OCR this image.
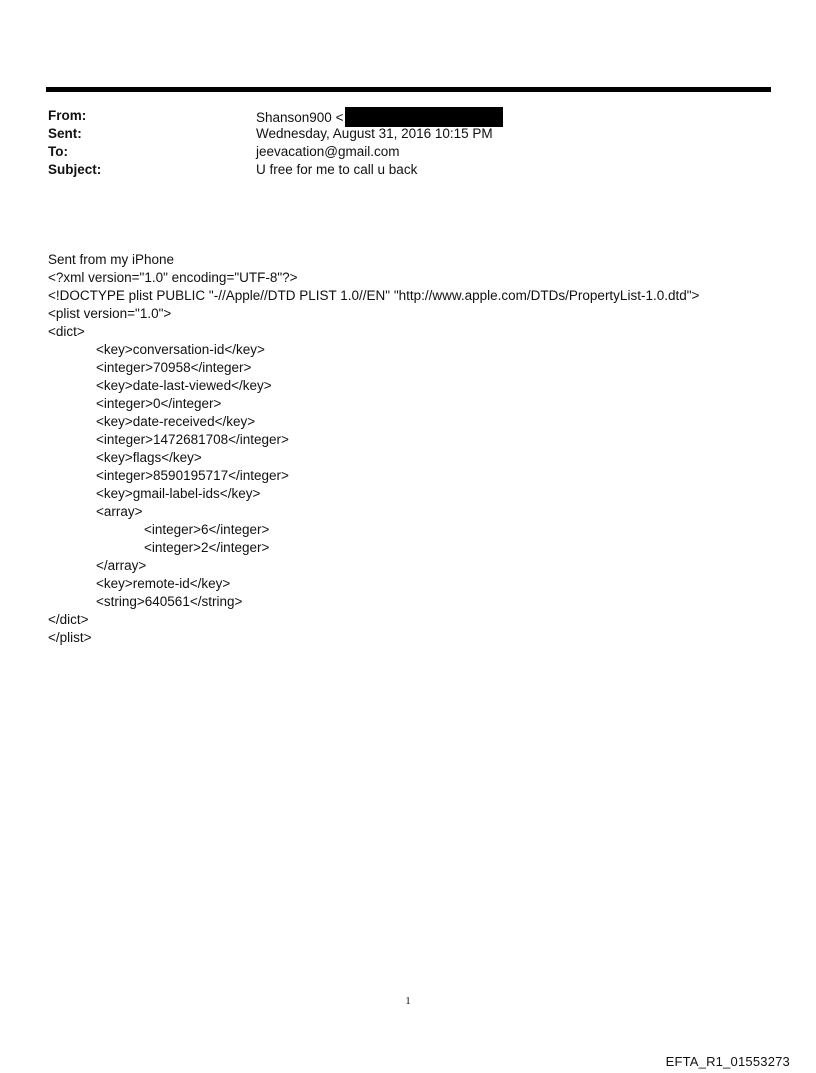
From:	Shanson900 <
Sent:	Wednesday, August 31, 2016 10:15 PM
To:	jeevacation@gmail.com
Subject:	U free for me to call u back
Sent from my iPhone
<?xml version="1.0" encoding="UTF-8"?>
<!DOCTYPE plist PUBLIC "-//Apple//DTD PLIST 1.0//EN" "http://www.apple.com/DTDs/PropertyList-1.0.dtd">
<plist version="1.0">
<dict>
<key>conversation-id</key>
<integer>70958</integer>
<key>date-last-viewed</key>
<integer>0</integer>
<key>date-received</key>
<integer>1472681708</integer>
<key>flags</key>
<integer>8590195717</integer>
<key>gmail-label-ids</key>
<array>
<integer>6</integer>
<integer>2</integer>
</array>
<key>remote-id</key>
<string>640561</string>
</dict>
</plist>
1
EFTA_R1_01553273
